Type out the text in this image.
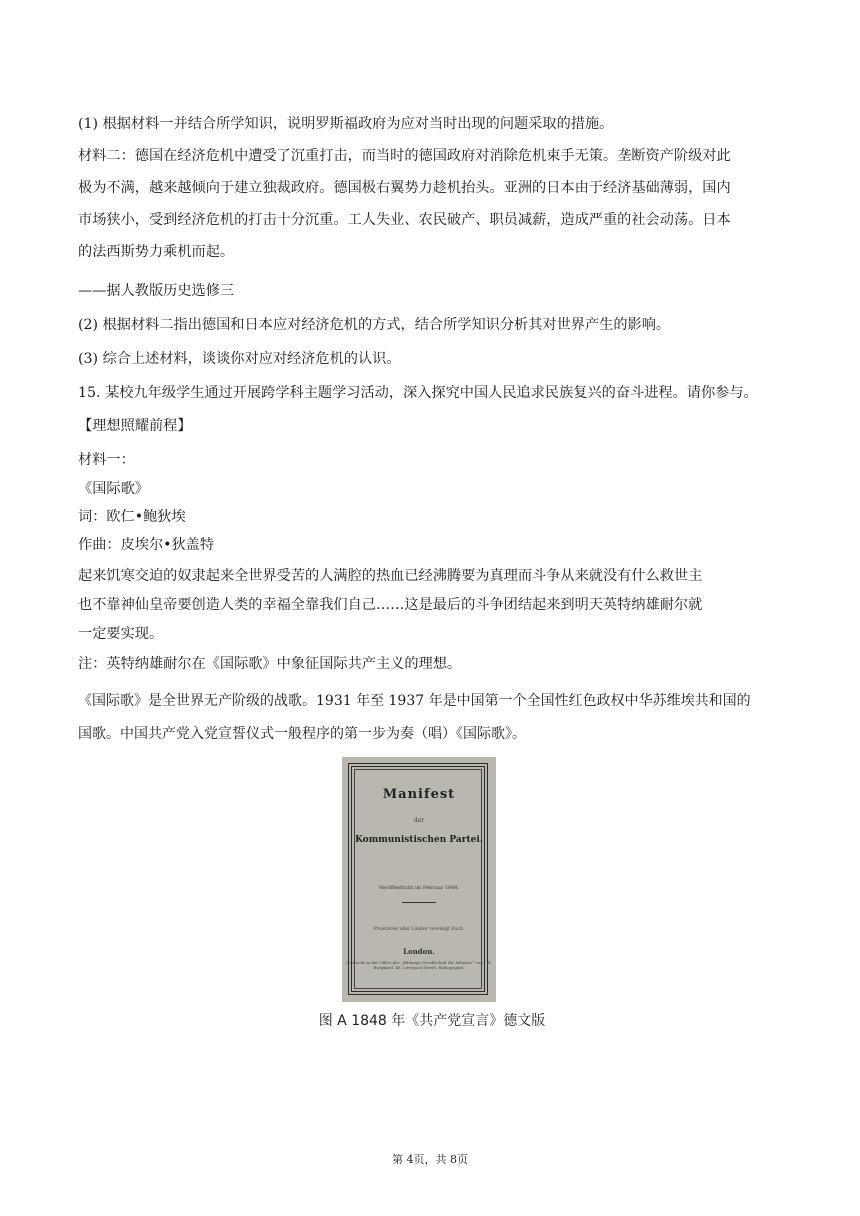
(1) 根据材料一并结合所学知识，说明罗斯福政府为应对当时出现的问题采取的措施。
材料二：德国在经济危机中遭受了沉重打击，而当时的德国政府对消除危机束手无策。垄断资产阶级对此
极为不满，越来越倾向于建立独裁政府。德国极右翼势力趁机抬头。亚洲的日本由于经济基础薄弱，国内
市场狭小，受到经济危机的打击十分沉重。工人失业、农民破产、职员减薪，造成严重的社会动荡。日本
的法西斯势力乘机而起。
——据人教版历史选修三
(2) 根据材料二指出德国和日本应对经济危机的方式，结合所学知识分析其对世界产生的影响。
(3) 综合上述材料，谈谈你对应对经济危机的认识。
15. 某校九年级学生通过开展跨学科主题学习活动，深入探究中国人民追求民族复兴的奋斗进程。请你参与。
【理想照耀前程】
材料一：
《国际歌》
词：欧仁•鲍狄埃
作曲：皮埃尔•狄盖特
起来饥寒交迫的奴隶起来全世界受苦的人满腔的热血已经沸腾要为真理而斗争从来就没有什么救世主
也不靠神仙皇帝要创造人类的幸福全靠我们自己……这是最后的斗争团结起来到明天英特纳雄耐尔就
一定要实现。
注：英特纳雄耐尔在《国际歌》中象征国际共产主义的理想。
《国际歌》是全世界无产阶级的战歌。1931 年至 1937 年是中国第一个全国性红色政权中华苏维埃共和国的
国歌。中国共产党入党宣誓仪式一般程序的第一步为奏（唱）《国际歌》。
Manifest
der
Kommunistischen Partei.
Veröffentlicht im Februar 1848.
Proletarier aller Länder vereinigt Euch.
London.
Gedruckt in der Office der „Bildungs-Gesellschaft für Arbeiter“ von J. E. Burghard. 46, Liverpool Street, Bishopsgate.
图 A 1848 年《共产党宣言》德文版
第 4页，共 8页
